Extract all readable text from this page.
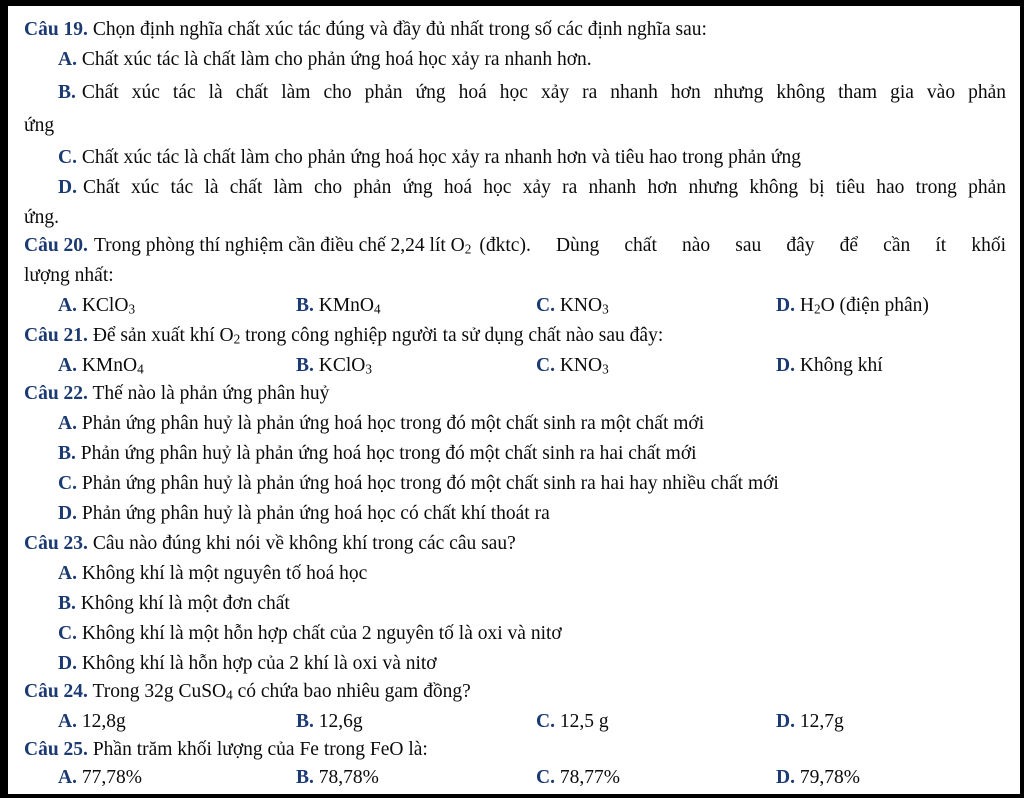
Câu 19. Chọn định nghĩa chất xúc tác đúng và đầy đủ nhất trong số các định nghĩa sau:
A. Chất xúc tác là chất làm cho phản ứng hoá học xảy ra nhanh hơn.
B. Chất xúc tác là chất làm cho phản ứng hoá học xảy ra nhanh hơn nhưng không tham gia vào phản
ứng
C. Chất xúc tác là chất làm cho phản ứng hoá học xảy ra nhanh hơn và tiêu hao trong phản ứng
D. Chất xúc tác là chất làm cho phản ứng hoá học xảy ra nhanh hơn nhưng không bị tiêu hao trong phản
ứng.
Câu 20. Trong phòng thí nghiệm cần điều chế 2,24 lít $O_2$ (đktc). Dùng chất nào sau đây để cần ít khối
lượng nhất:
A. KClO$_3$	B. KMnO$_4$	C. $KNO_3$	D. $H_2O$ (điện phân)
Câu 21. Để sản xuất khí $O_2$ trong công nghiệp người ta sử dụng chất nào sau đây:
A. KMnO$_4$	B. KClO$_3$	C. $KNO_3$	D. Không khí
Câu 22. Thế nào là phản ứng phân huỷ
A. Phản ứng phân huỷ là phản ứng hoá học trong đó một chất sinh ra một chất mới
B. Phản ứng phân huỷ là phản ứng hoá học trong đó một chất sinh ra hai chất mới
C. Phản ứng phân huỷ là phản ứng hoá học trong đó một chất sinh ra hai hay nhiều chất mới
D. Phản ứng phân huỷ là phản ứng hoá học có chất khí thoát ra
Câu 23. Câu nào đúng khi nói về không khí trong các câu sau?
A. Không khí là một nguyên tố hoá học
B. Không khí là một đơn chất
C. Không khí là một hỗn hợp chất của 2 nguyên tố là oxi và nitơ
D. Không khí là hỗn hợp của 2 khí là oxi và nitơ
Câu 24. Trong 32g CuSO$_4$ có chứa bao nhiêu gam đồng?
A. 12,8g	B. 12,6g	C. 12,5 g	D. 12,7g
Câu 25. Phần trăm khối lượng của Fe trong FeO là:
A. 77,78%	B. 78,78%	C. 78,77%	D. 79,78%
